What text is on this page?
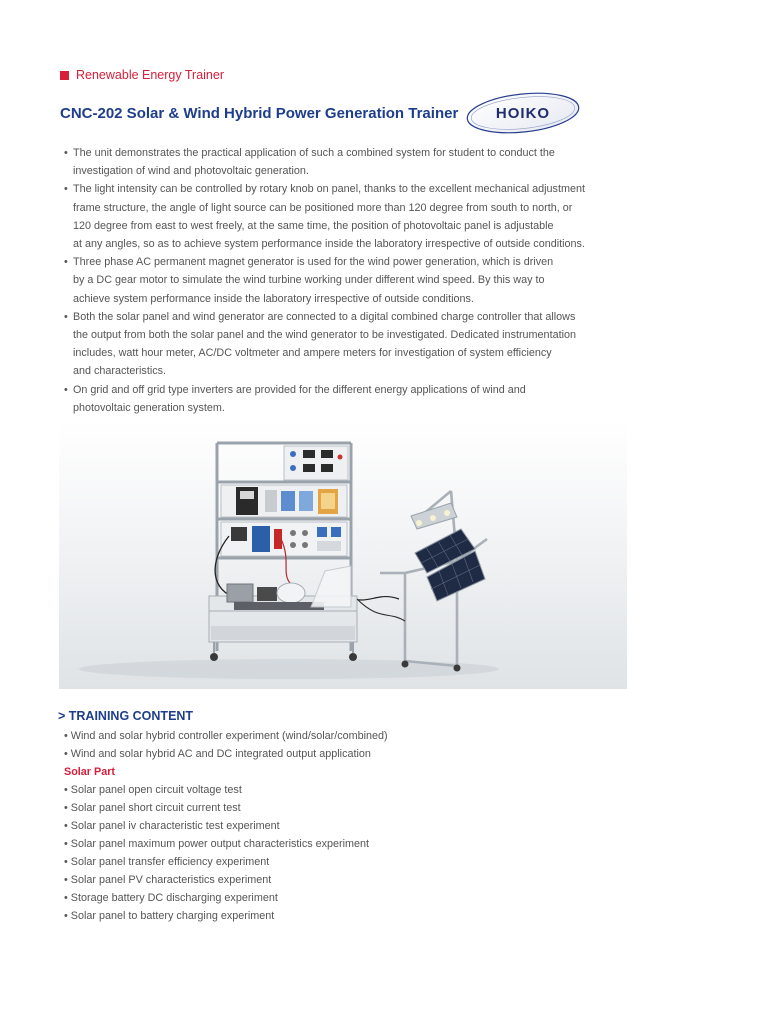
Renewable Energy Trainer
CNC-202 Solar & Wind Hybrid Power Generation Trainer	HOIKO
• The unit demonstrates the practical application of such a combined system for student to conduct the
investigation of wind and photovoltaic generation.
• The light intensity can be controlled by rotary knob on panel, thanks to the excellent mechanical adjustment
frame structure, the angle of light source can be positioned more than 120 degree from south to north, or
120 degree from east to west freely, at the same time, the position of photovoltaic panel is adjustable
at any angles, so as to achieve system performance inside the laboratory irrespective of outside conditions.
• Three phase AC permanent magnet generator is used for the wind power generation, which is driven
by a DC gear motor to simulate the wind turbine working under different wind speed. By this way to
achieve system performance inside the laboratory irrespective of outside conditions.
• Both the solar panel and wind generator are connected to a digital combined charge controller that allows
the output from both the solar panel and the wind generator to be investigated. Dedicated instrumentation
includes, watt hour meter, AC/DC voltmeter and ampere meters for investigation of system efficiency
and characteristics.
• On grid and off grid type inverters are provided for the different energy applications of wind and
photovoltaic generation system.
> TRAINING CONTENT
• Wind and solar hybrid controller experiment (wind/solar/combined)
• Wind and solar hybrid AC and DC integrated output application
Solar Part
• Solar panel open circuit voltage test
• Solar panel short circuit current test
• Solar panel iv characteristic test experiment
• Solar panel maximum power output characteristics experiment
• Solar panel transfer efficiency experiment
• Solar panel PV characteristics experiment
• Storage battery DC discharging experiment
• Solar panel to battery charging experiment
